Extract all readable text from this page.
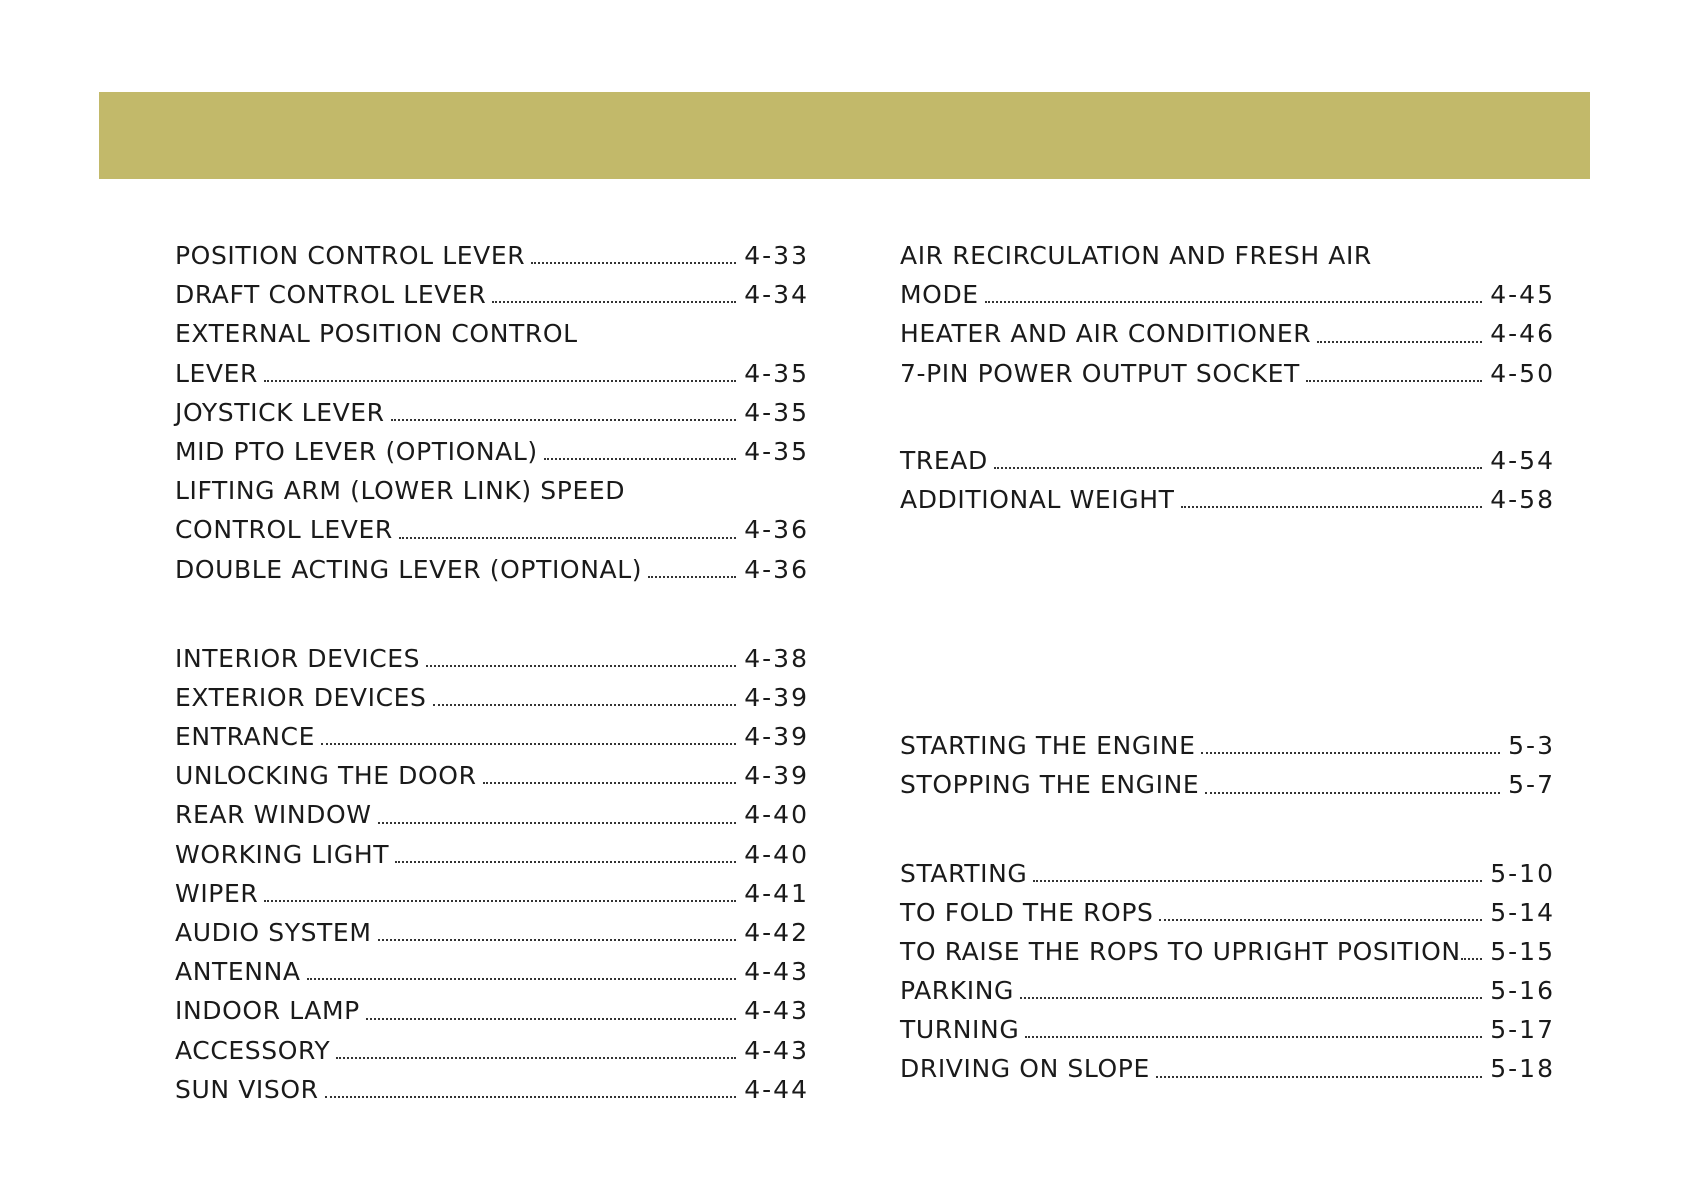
POSITION CONTROL LEVER	4-33
DRAFT CONTROL LEVER	4-34
EXTERNAL POSITION CONTROL
LEVER	4-35
JOYSTICK LEVER	4-35
MID PTO LEVER (OPTIONAL)	4-35
LIFTING ARM (LOWER LINK) SPEED
CONTROL LEVER	4-36
DOUBLE ACTING LEVER (OPTIONAL)	4-36
INTERIOR DEVICES	4-38
EXTERIOR DEVICES	4-39
ENTRANCE	4-39
UNLOCKING THE DOOR	4-39
REAR WINDOW	4-40
WORKING LIGHT	4-40
WIPER	4-41
AUDIO SYSTEM	4-42
ANTENNA	4-43
INDOOR LAMP	4-43
ACCESSORY	4-43
SUN VISOR	4-44
AIR RECIRCULATION AND FRESH AIR
MODE	4-45
HEATER AND AIR CONDITIONER	4-46
7-PIN POWER OUTPUT SOCKET	4-50
TREAD	4-54
ADDITIONAL WEIGHT	4-58
STARTING THE ENGINE	5-3
STOPPING THE ENGINE	5-7
STARTING	5-10
TO FOLD THE ROPS	5-14
TO RAISE THE ROPS TO UPRIGHT POSITION 5-15
PARKING	5-16
TURNING	5-17
DRIVING ON SLOPE	5-18
